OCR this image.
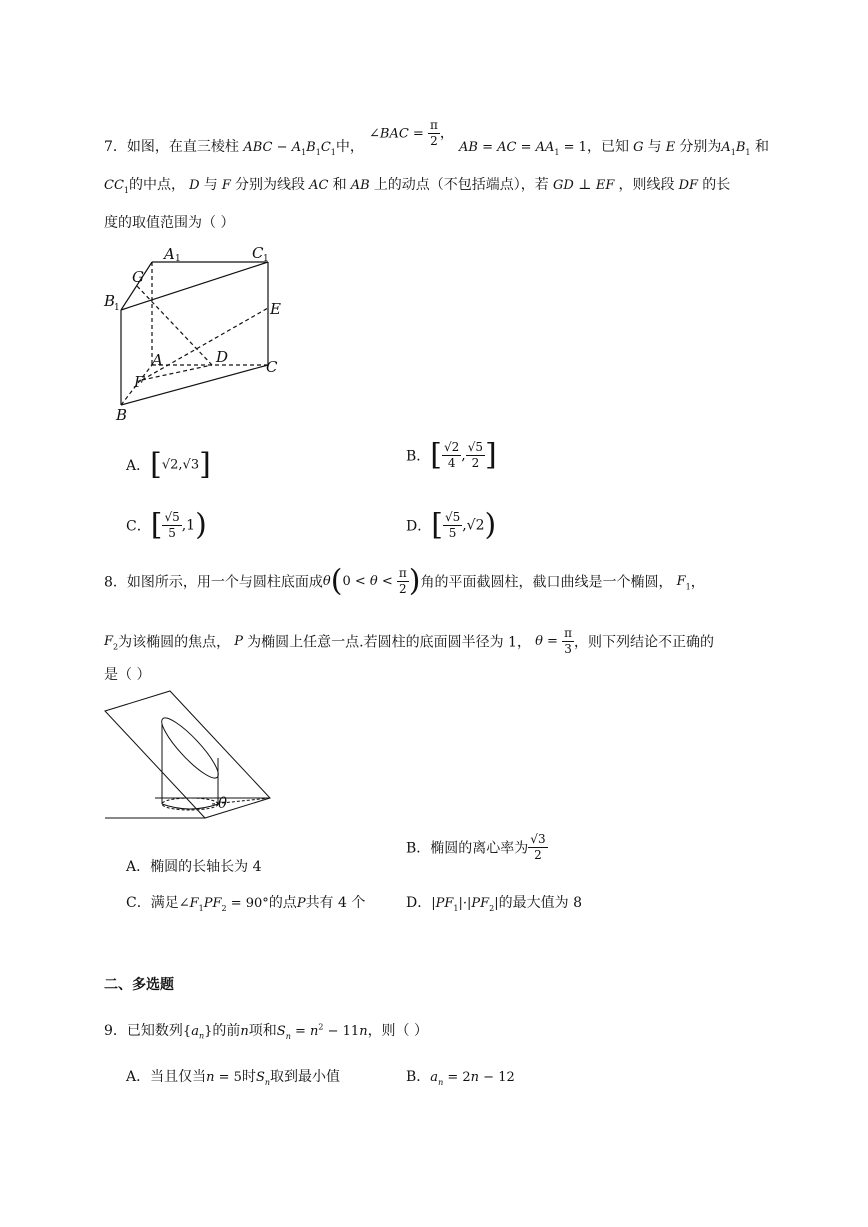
7．如图，在直三棱柱 ABC − $A_1B_1C_1$中，
∠BAC = $\frac{\pi}{2}$ ，
AB = AC = $AA_1 = 1$，已知 G 与 E 分别为$A_1B_1$ 和
$CC_1$的中点， D 与 F 分别为线段 AC 和 AB 上的动点（不包括端点），若 GD ⊥ EF ，则线段 DF 的长
度的取值范围为（ ）
A 1	C 1
G
B
1	E
A	D
C
F
B
A．[√2,√3]	B．[ $\frac{√2}{4}$ , $\frac{√5}{2}$ ]
C．[ $\frac{√5}{5} ,1$)	D．[ $\frac{√5}{5} ,√2$)
8．如图所示，用一个与圆柱底面成$\theta(0 < \theta < \frac{\pi}{2}$ )角的平面截圆柱，截口曲线是一个椭圆， $F_1$，
$F_2$为该椭圆的焦点， P 为椭圆上任意一点.若圆柱的底面圆半径为 1， $\theta = \frac{\pi}{3}$ ，则下列结论不正确的
是（ ）
θ
A．椭圆的长轴长为 4
B．椭圆的离心率为 $\frac{√3}{2}$
C．满足$\angle F_1PF_2 = 90^\circ$的点P共有 4 个	D．$|PF_1|\cdot|PF_2|$的最大值为 8
二、多选题
9．已知数列$\{a_n\}$的前n项和$S_n = n^2 - 11n$，则（ ）
A．当且仅当n = 5时$S_n$取到最小值	B．$a_n = 2n - 12$
